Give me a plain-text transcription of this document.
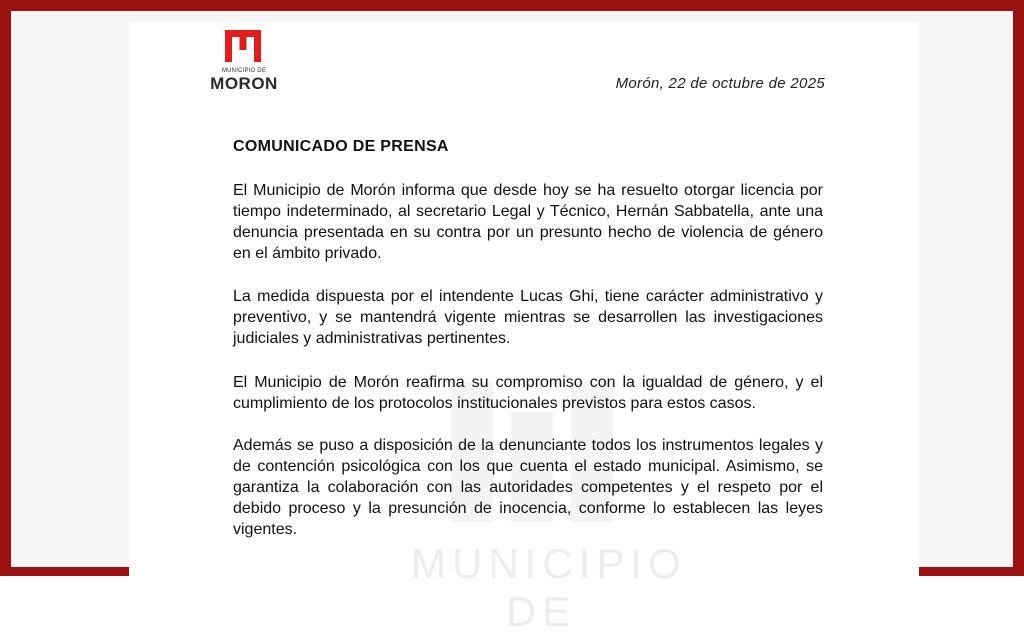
MUNICIPIO DE
MUNICIPIO DE
MORON	Morón, 22 de octubre de 2025
COMUNICADO DE PRENSA

El Municipio de Morón informa que desde hoy se ha resuelto otorgar licencia por tiempo indeterminado, al secretario Legal y Técnico, Hernán Sabbatella, ante una denuncia presentada en su contra por un presunto hecho de violencia de género en el ámbito privado.

La medida dispuesta por el intendente Lucas Ghi, tiene carácter administrativo y preventivo, y se mantendrá vigente mientras se desarrollen las investigaciones judiciales y administrativas pertinentes.

El Municipio de Morón reafirma su compromiso con la igualdad de género, y el cumplimiento de los protocolos institucionales previstos para estos casos.

Además se puso a disposición de la denunciante todos los instrumentos legales y de contención psicológica con los que cuenta el estado municipal. Asimismo, se garantiza la colaboración con las autoridades competentes y el respeto por el debido proceso y la presunción de inocencia, conforme lo establecen las leyes vigentes.
